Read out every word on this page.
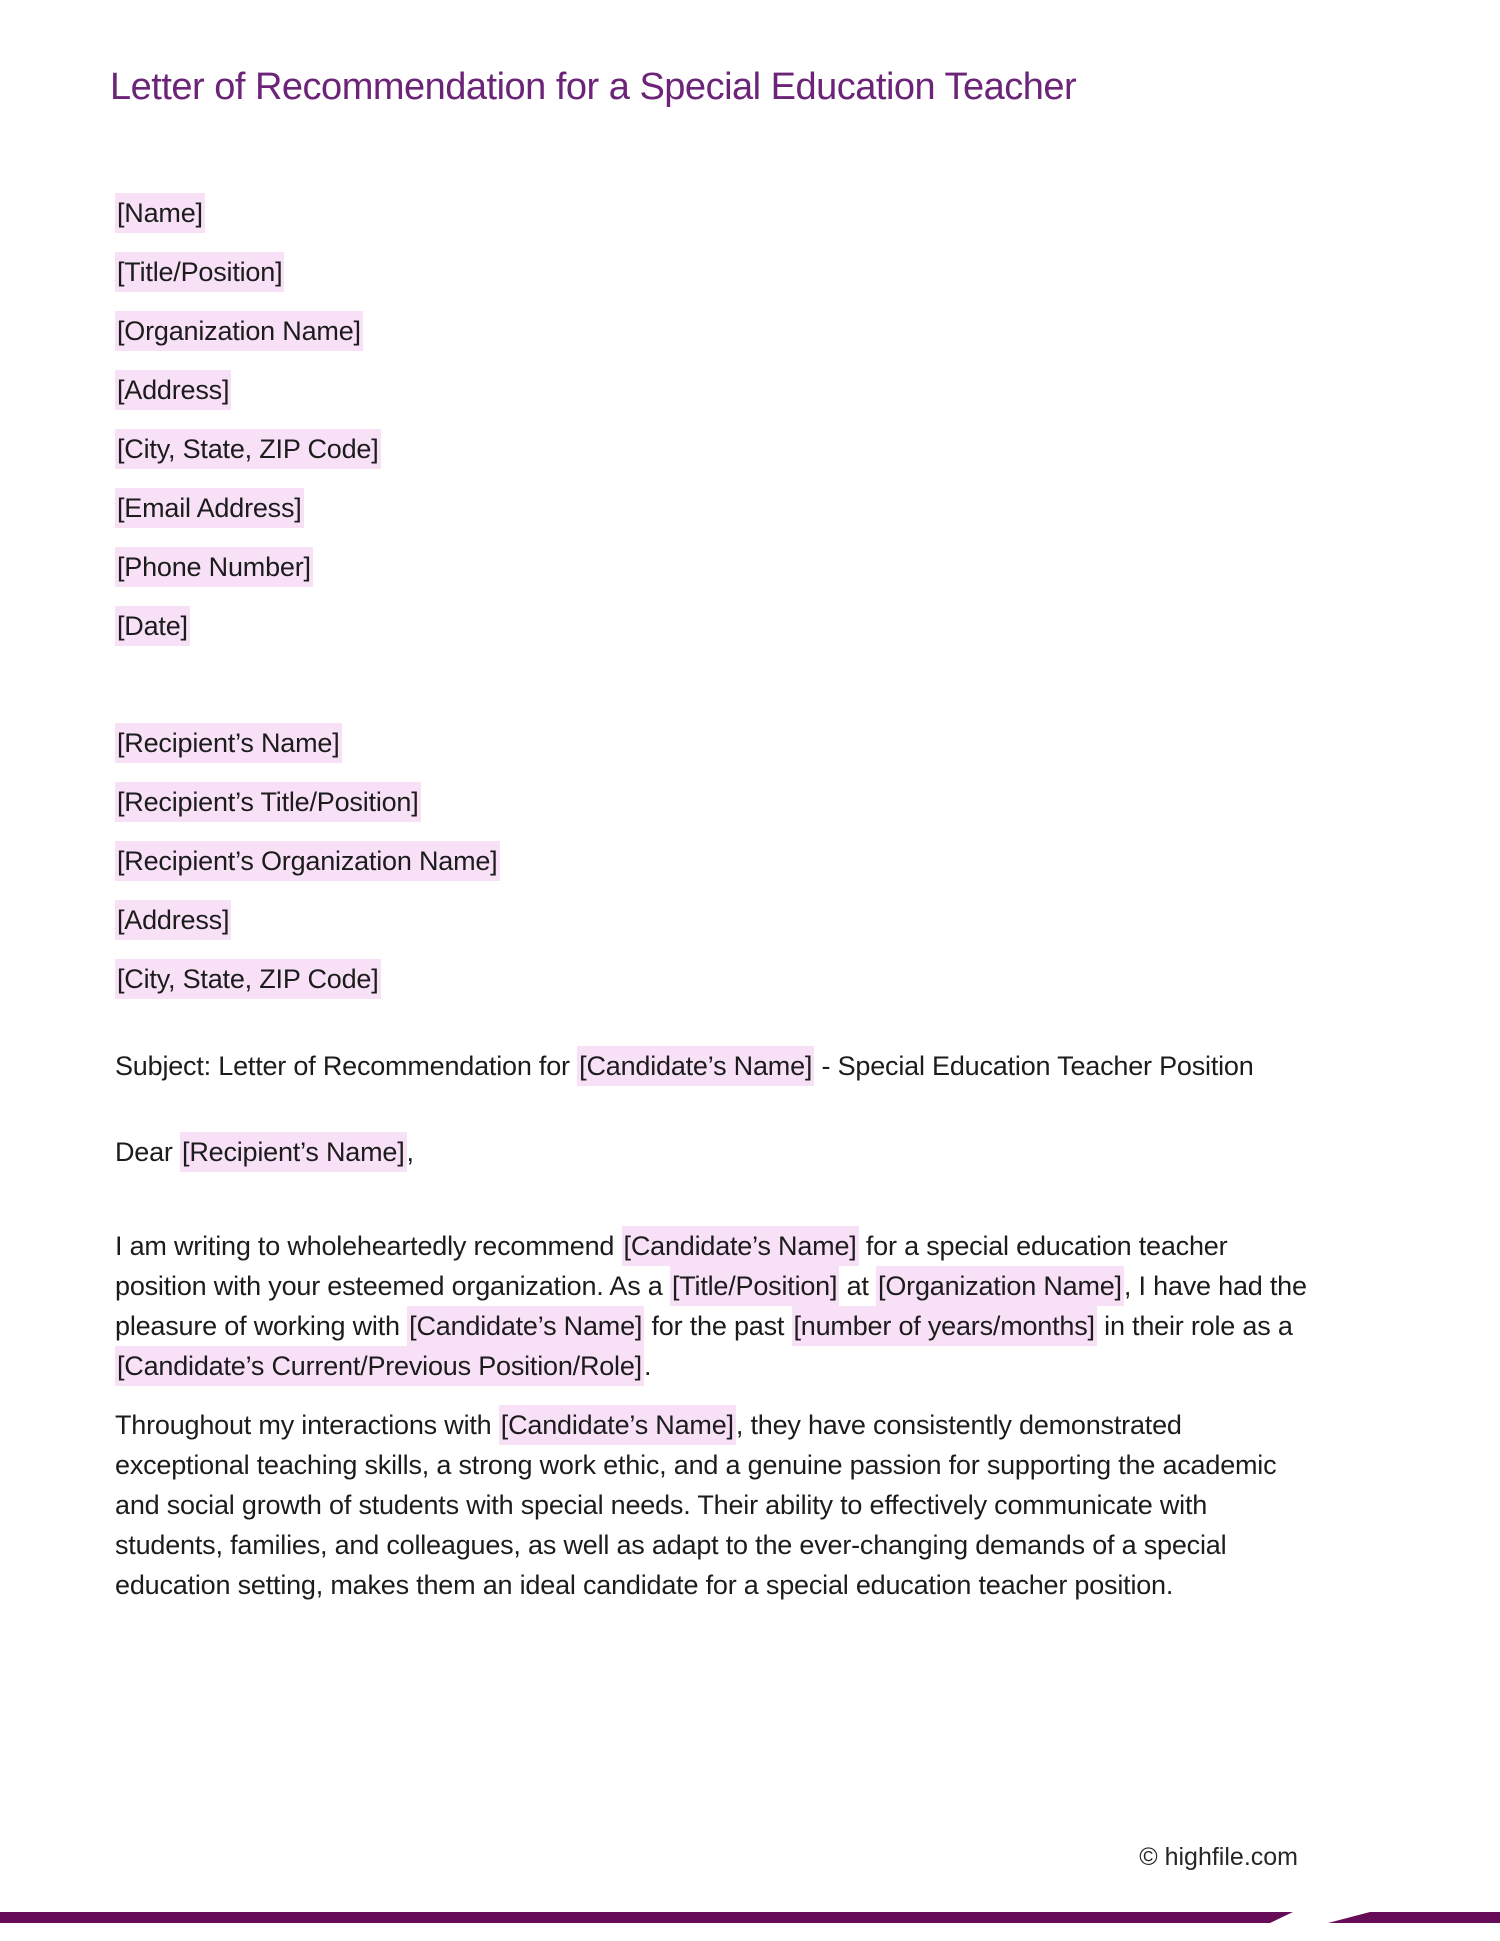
Letter of Recommendation for a Special Education Teacher
[Name]
[Title/Position]
[Organization Name]
[Address]
[City, State, ZIP Code]
[Email Address]
[Phone Number]
[Date]
[Recipient’s Name]
[Recipient’s Title/Position]
[Recipient’s Organization Name]
[Address]
[City, State, ZIP Code]
Subject: Letter of Recommendation for [Candidate’s Name] - Special Education Teacher Position
Dear [Recipient’s Name],
I am writing to wholeheartedly recommend [Candidate’s Name] for a special education teacher
position with your esteemed organization. As a [Title/Position] at [Organization Name], I have had the
pleasure of working with [Candidate’s Name] for the past [number of years/months] in their role as a
[Candidate’s Current/Previous Position/Role].
Throughout my interactions with [Candidate’s Name], they have consistently demonstrated
exceptional teaching skills, a strong work ethic, and a genuine passion for supporting the academic
and social growth of students with special needs. Their ability to effectively communicate with
students, families, and colleagues, as well as adapt to the ever-changing demands of a special
education setting, makes them an ideal candidate for a special education teacher position.
© highfile.com
